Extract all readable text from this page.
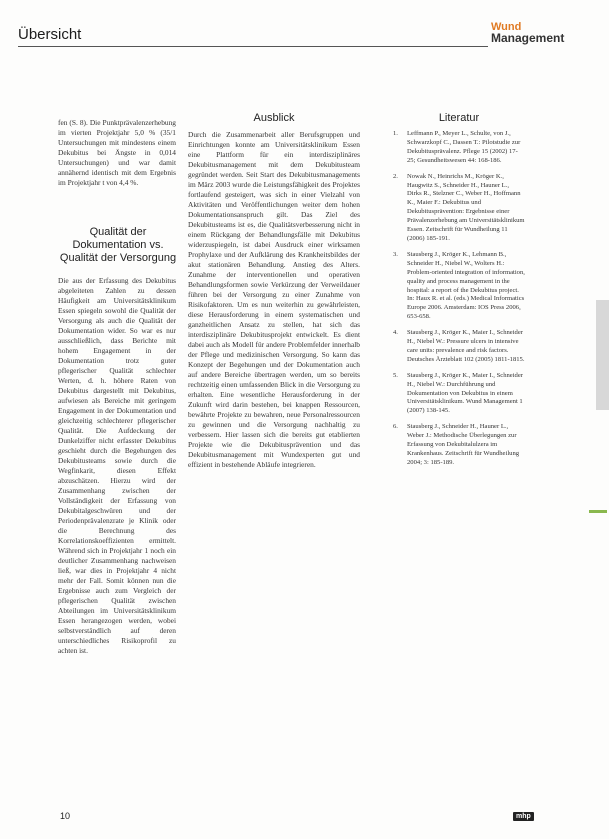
Übersicht	Wund
Management

fen (S. 8). Die Punktprävalenzerhebung im vierten Projektjahr 5,0 % (35/1 Untersuchungen mit mindestens einem Dekubitus bei Ängste in 0,014 Untersuchungen) und war damit annähernd identisch mit dem Ergebnis im Projektjahr t von 4,4 %.

Qualität der Dokumentation vs. Qualität der Versorgung

Die aus der Erfassung des Dekubitus abgeleiteten Zahlen zu dessen Häufigkeit am Universitätsklinikum Essen spiegeln sowohl die Qualität der Versorgung als auch die Qualität der Dokumentation wider. So war es nur ausschließlich, dass Berichte mit hohem Engagement in der Dokumentation trotz guter pflegerischer Qualität schlechter Werten, d. h. höhere Raten von Dekubitus dargestellt mit Dekubitus, aufwiesen als Bereiche mit geringem Engagement in der Dokumentation und gleichzeitig schlechterer pflegerischer Qualität. Die Aufdeckung der Dunkelziffer nicht erfasster Dekubitus geschieht durch die Begehungen des Dekubitusteams sowie durch die Wegfinkarit, diesen Effekt abzuschätzen. Hierzu wird der Zusammenhang zwischen der Vollständigkeit der Erfassung von Dekubitalgeschwüren und der Periodenprävalenzrate je Klinik oder die Berechnung des Korrelationskoeffizienten ermittelt. Während sich in Projektjahr 1 noch ein deutlicher Zusammenhang nachweisen ließ, war dies in Projektjahr 4 nicht mehr der Fall. Somit können nun die Ergebnisse auch zum Vergleich der pflegerischen Qualität zwischen Abteilungen im Universitätsklinikum Essen herangezogen werden, wobei selbstverständlich auf deren unterschiedliches Risikoprofil zu achten ist.

Ausblick

Durch die Zusammenarbeit aller Berufsgruppen und Einrichtungen konnte am Universitätsklinikum Essen eine Plattform für ein interdisziplinäres Dekubitusmanagement mit dem Dekubitusteam gegründet werden. Seit Start des Dekubitusmanagements im März 2003 wurde die Leistungsfähigkeit des Projektes fortlaufend gesteigert, was sich in einer Vielzahl von Aktivitäten und Veröffentlichungen weiter dem hohen Dokumentationsanspruch gilt. Das Ziel des Dekubitusteams ist es, die Qualitätsverbesserung nicht in einem Rückgang der Behandlungsfälle mit Dekubitus widerzuspiegeln, ist dabei Ausdruck einer wirksamen Prophylaxe und der Aufklärung des Krankheitsbildes der akut stationären Behandlung. Anstieg des Alters. Zunahme der interventionellen und operativen Behandlungsformen sowie Verkürzung der Verweildauer führen bei der Versorgung zu einer Zunahme von Risikofaktoren. Um es nun weiterhin zu gewährleisten, diese Herausforderung in einem systematischen und ganzheitlichen Ansatz zu stellen, hat sich das interdisziplinäre Dekubitusprojekt entwickelt. Es dient dabei auch als Modell für andere Problemfelder innerhalb der Pflege und medizinischen Versorgung. So kann das Konzept der Begehungen und der Dokumentation auch auf andere Bereiche übertragen werden, um so bereits rechtzeitig einen umfassenden Blick in die Versorgung zu erhalten. Eine wesentliche Herausforderung in der Zukunft wird darin bestehen, bei knappen Ressourcen, bewährte Projekte zu bewahren, neue Personalressourcen zu gewinnen und die Versorgung nachhaltig zu verbessern. Hier lassen sich die bereits gut etablierten Projekte wie die Dekubitusprävention und das Dekubitusmanagement mit Wundexperten gut und effizient in bestehende Abläufe integrieren.

Literatur
1. Leffmann P., Meyer L., Schulte, von J., Schwarzkopf C., Dassen T.: Pilotstudie zur Dekubitusprävalenz. Pflege 15 (2002) 17-25; Gesundheitswesen 44: 168-186.
2. Nowak N., Heinrichs M., Kröger K., Haugwitz S., Schneider H., Hauner L., Dirks R., Stelzner C., Weber H., Hoffmann K., Maier F.: Dekubitus und Dekubitusprävention: Ergebnisse einer Prävalenzerhebung am Universitätsklinikum Essen. Zeitschrift für Wundheilung 11 (2006) 185-191.
3. Stausberg J., Kröger K., Lehmann B., Schneider H., Niebel W., Wolters H.: Problem-oriented integration of information, quality and process management in the hospital: a report of the Dekubitus project. In: Haux R. et al. (eds.) Medical Informatics Europe 2006. Amsterdam: IOS Press 2006, 653-658.
4. Stausberg J., Kröger K., Maier I., Schneider H., Niebel W.: Pressure ulcers in intensive care units: prevalence and risk factors. Deutsches Ärzteblatt 102 (2005) 1811-1815.
5. Stausberg J., Kröger K., Maier I., Schneider H., Niebel W.: Durchführung und Dokumentation von Dekubitus in einem Universitätsklinikum. Wund Management 1 (2007) 138-145.
6. Stausberg J., Schneider H., Hauner L., Weber J.: Methodische Überlegungen zur Erfassung von Dekubitalulzera im Krankenhaus. Zeitschrift für Wundheilung 2004; 3: 185-189.
10	mhp
